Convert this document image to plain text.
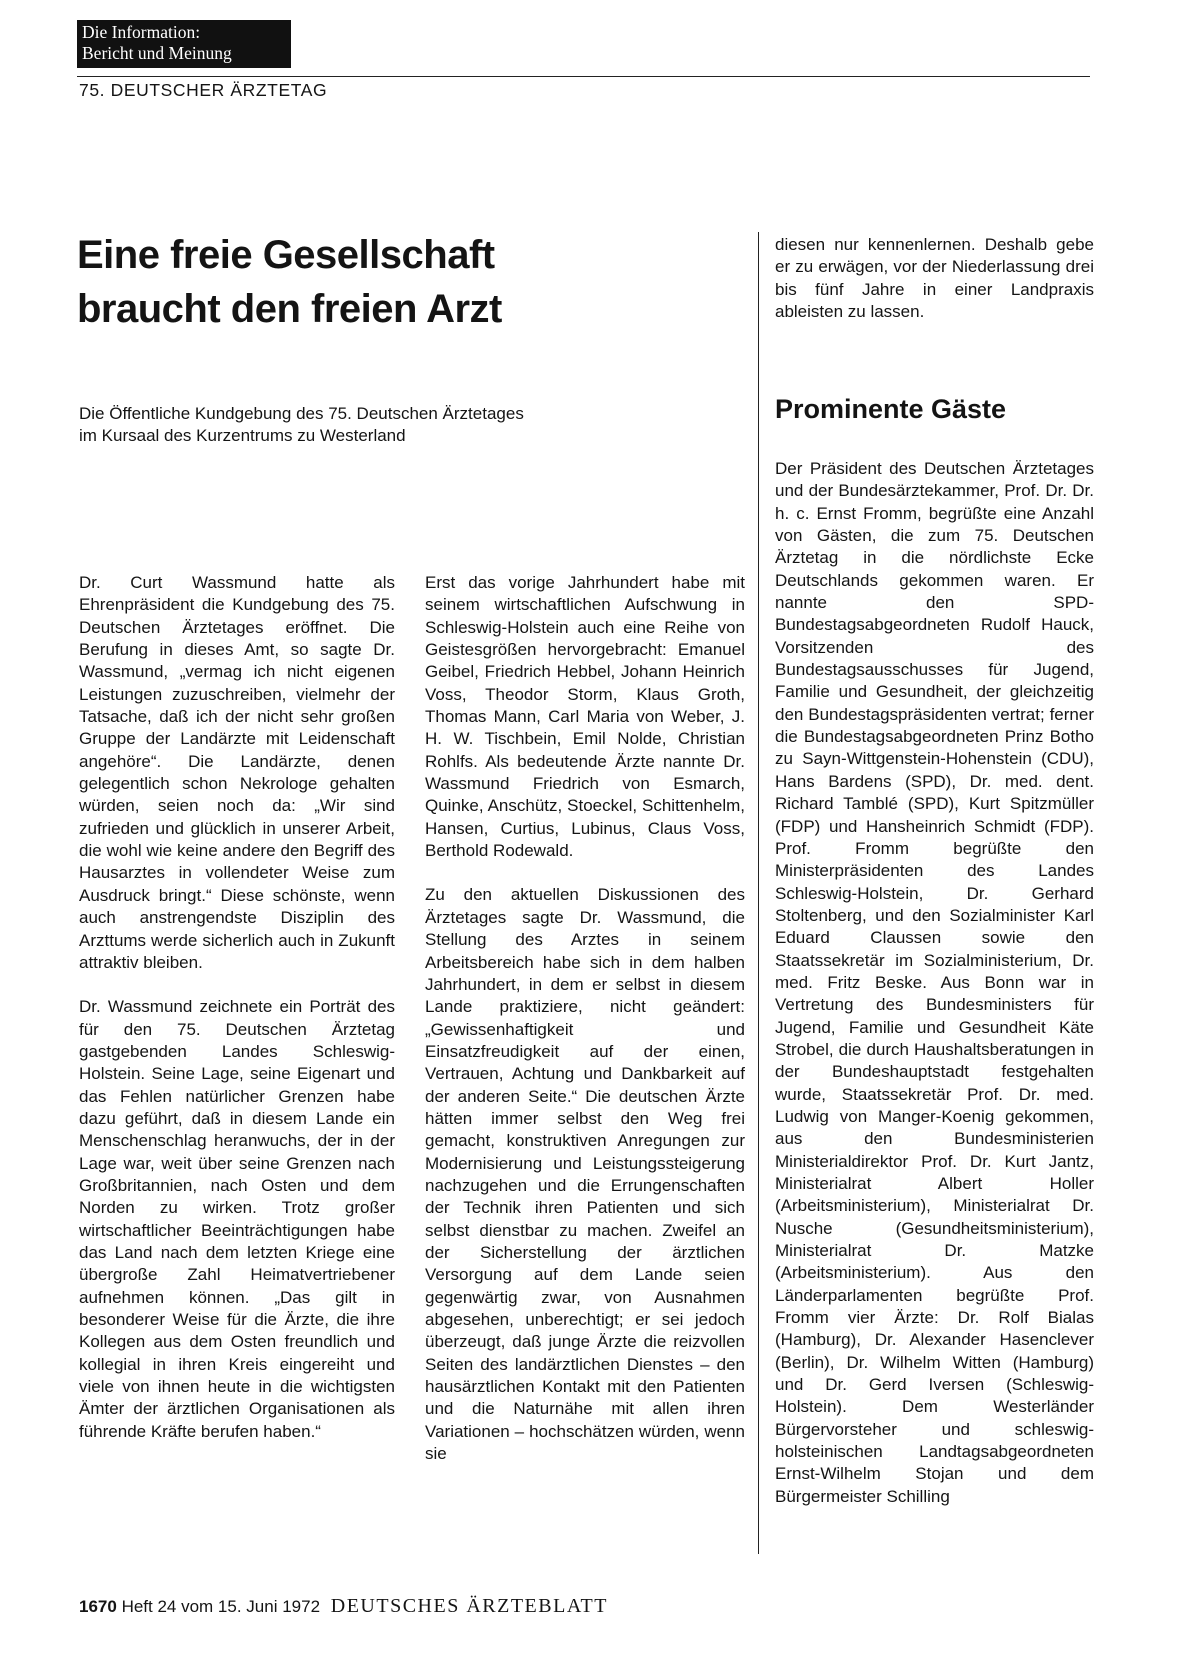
Die Information:
Bericht und Meinung
75. DEUTSCHER ÄRZTETAG
Eine freie Gesellschaft
braucht den freien Arzt
Die Öffentliche Kundgebung des 75. Deutschen Ärztetages
im Kursaal des Kurzentrums zu Westerland

Dr. Curt Wassmund hatte als Ehrenpräsident die Kundgebung des 75. Deutschen Ärztetages eröffnet. Die Berufung in dieses Amt, so sagte Dr. Wassmund, „vermag ich nicht eigenen Leistungen zuzuschreiben, vielmehr der Tatsache, daß ich der nicht sehr großen Gruppe der Landärzte mit Leidenschaft angehöre“. Die Landärzte, denen gelegentlich schon Nekrologe gehalten würden, seien noch da: „Wir sind zufrieden und glücklich in unserer Arbeit, die wohl wie keine andere den Begriff des Hausarztes in vollendeter Weise zum Ausdruck bringt.“ Diese schönste, wenn auch anstrengendste Disziplin des Arzttums werde sicherlich auch in Zukunft attraktiv bleiben.

Dr. Wassmund zeichnete ein Porträt des für den 75. Deutschen Ärztetag gastgebenden Landes Schleswig-Holstein. Seine Lage, seine Eigenart und das Fehlen natürlicher Grenzen habe dazu geführt, daß in diesem Lande ein Menschenschlag heranwuchs, der in der Lage war, weit über seine Grenzen nach Großbritannien, nach Osten und dem Norden zu wirken. Trotz großer wirtschaftlicher Beeinträchtigungen habe das Land nach dem letzten Kriege eine übergroße Zahl Heimatvertriebener aufnehmen können. „Das gilt in besonderer Weise für die Ärzte, die ihre Kollegen aus dem Osten freundlich und kollegial in ihren Kreis eingereiht und viele von ihnen heute in die wichtigsten Ämter der ärztlichen Organisationen als führende Kräfte berufen haben.“

Erst das vorige Jahrhundert habe mit seinem wirtschaftlichen Aufschwung in Schleswig-Holstein auch eine Reihe von Geistesgrößen hervorgebracht: Emanuel Geibel, Friedrich Hebbel, Johann Heinrich Voss, Theodor Storm, Klaus Groth, Thomas Mann, Carl Maria von Weber, J. H. W. Tischbein, Emil Nolde, Christian Rohlfs. Als bedeutende Ärzte nannte Dr. Wassmund Friedrich von Esmarch, Quinke, Anschütz, Stoeckel, Schittenhelm, Hansen, Curtius, Lubinus, Claus Voss, Berthold Rodewald.

Zu den aktuellen Diskussionen des Ärztetages sagte Dr. Wassmund, die Stellung des Arztes in seinem Arbeitsbereich habe sich in dem halben Jahrhundert, in dem er selbst in diesem Lande praktiziere, nicht geändert: „Gewissenhaftigkeit und Einsatzfreudigkeit auf der einen, Vertrauen, Achtung und Dankbarkeit auf der anderen Seite.“ Die deutschen Ärzte hätten immer selbst den Weg frei gemacht, konstruktiven Anregungen zur Modernisierung und Leistungssteigerung nachzugehen und die Errungenschaften der Technik ihren Patienten und sich selbst dienstbar zu machen. Zweifel an der Sicherstellung der ärztlichen Versorgung auf dem Lande seien gegenwärtig zwar, von Ausnahmen abgesehen, unberechtigt; er sei jedoch überzeugt, daß junge Ärzte die reizvollen Seiten des landärztlichen Dienstes – den hausärztlichen Kontakt mit den Patienten und die Naturnähe mit allen ihren Variationen – hochschätzen würden, wenn sie

diesen nur kennenlernen. Deshalb gebe er zu erwägen, vor der Niederlassung drei bis fünf Jahre in einer Landpraxis ableisten zu lassen.

Prominente Gäste

Der Präsident des Deutschen Ärztetages und der Bundesärztekammer, Prof. Dr. Dr. h. c. Ernst Fromm, begrüßte eine Anzahl von Gästen, die zum 75. Deutschen Ärztetag in die nördlichste Ecke Deutschlands gekommen waren. Er nannte den SPD-Bundestagsabgeordneten Rudolf Hauck, Vorsitzenden des Bundestagsausschusses für Jugend, Familie und Gesundheit, der gleichzeitig den Bundestagspräsidenten vertrat; ferner die Bundestagsabgeordneten Prinz Botho zu Sayn-Wittgenstein-Hohenstein (CDU), Hans Bardens (SPD), Dr. med. dent. Richard Tamblé (SPD), Kurt Spitzmüller (FDP) und Hansheinrich Schmidt (FDP). Prof. Fromm begrüßte den Ministerpräsidenten des Landes Schleswig-Holstein, Dr. Gerhard Stoltenberg, und den Sozialminister Karl Eduard Claussen sowie den Staatssekretär im Sozialministerium, Dr. med. Fritz Beske. Aus Bonn war in Vertretung des Bundesministers für Jugend, Familie und Gesundheit Käte Strobel, die durch Haushaltsberatungen in der Bundeshauptstadt festgehalten wurde, Staatssekretär Prof. Dr. med. Ludwig von Manger-Koenig gekommen, aus den Bundesministerien Ministerialdirektor Prof. Dr. Kurt Jantz, Ministerialrat Albert Holler (Arbeitsministerium), Ministerialrat Dr. Nusche (Gesundheitsministerium), Ministerialrat Dr. Matzke (Arbeitsministerium). Aus den Länderparlamenten begrüßte Prof. Fromm vier Ärzte: Dr. Rolf Bialas (Hamburg), Dr. Alexander Hasenclever (Berlin), Dr. Wilhelm Witten (Hamburg) und Dr. Gerd Iversen (Schleswig-Holstein). Dem Westerländer Bürgervorsteher und schleswig-holsteinischen Landtagsabgeordneten Ernst-Wilhelm Stojan und dem Bürgermeister Schilling

1670 Heft 24 vom 15. Juni 1972 DEUTSCHES ÄRZTEBLATT
